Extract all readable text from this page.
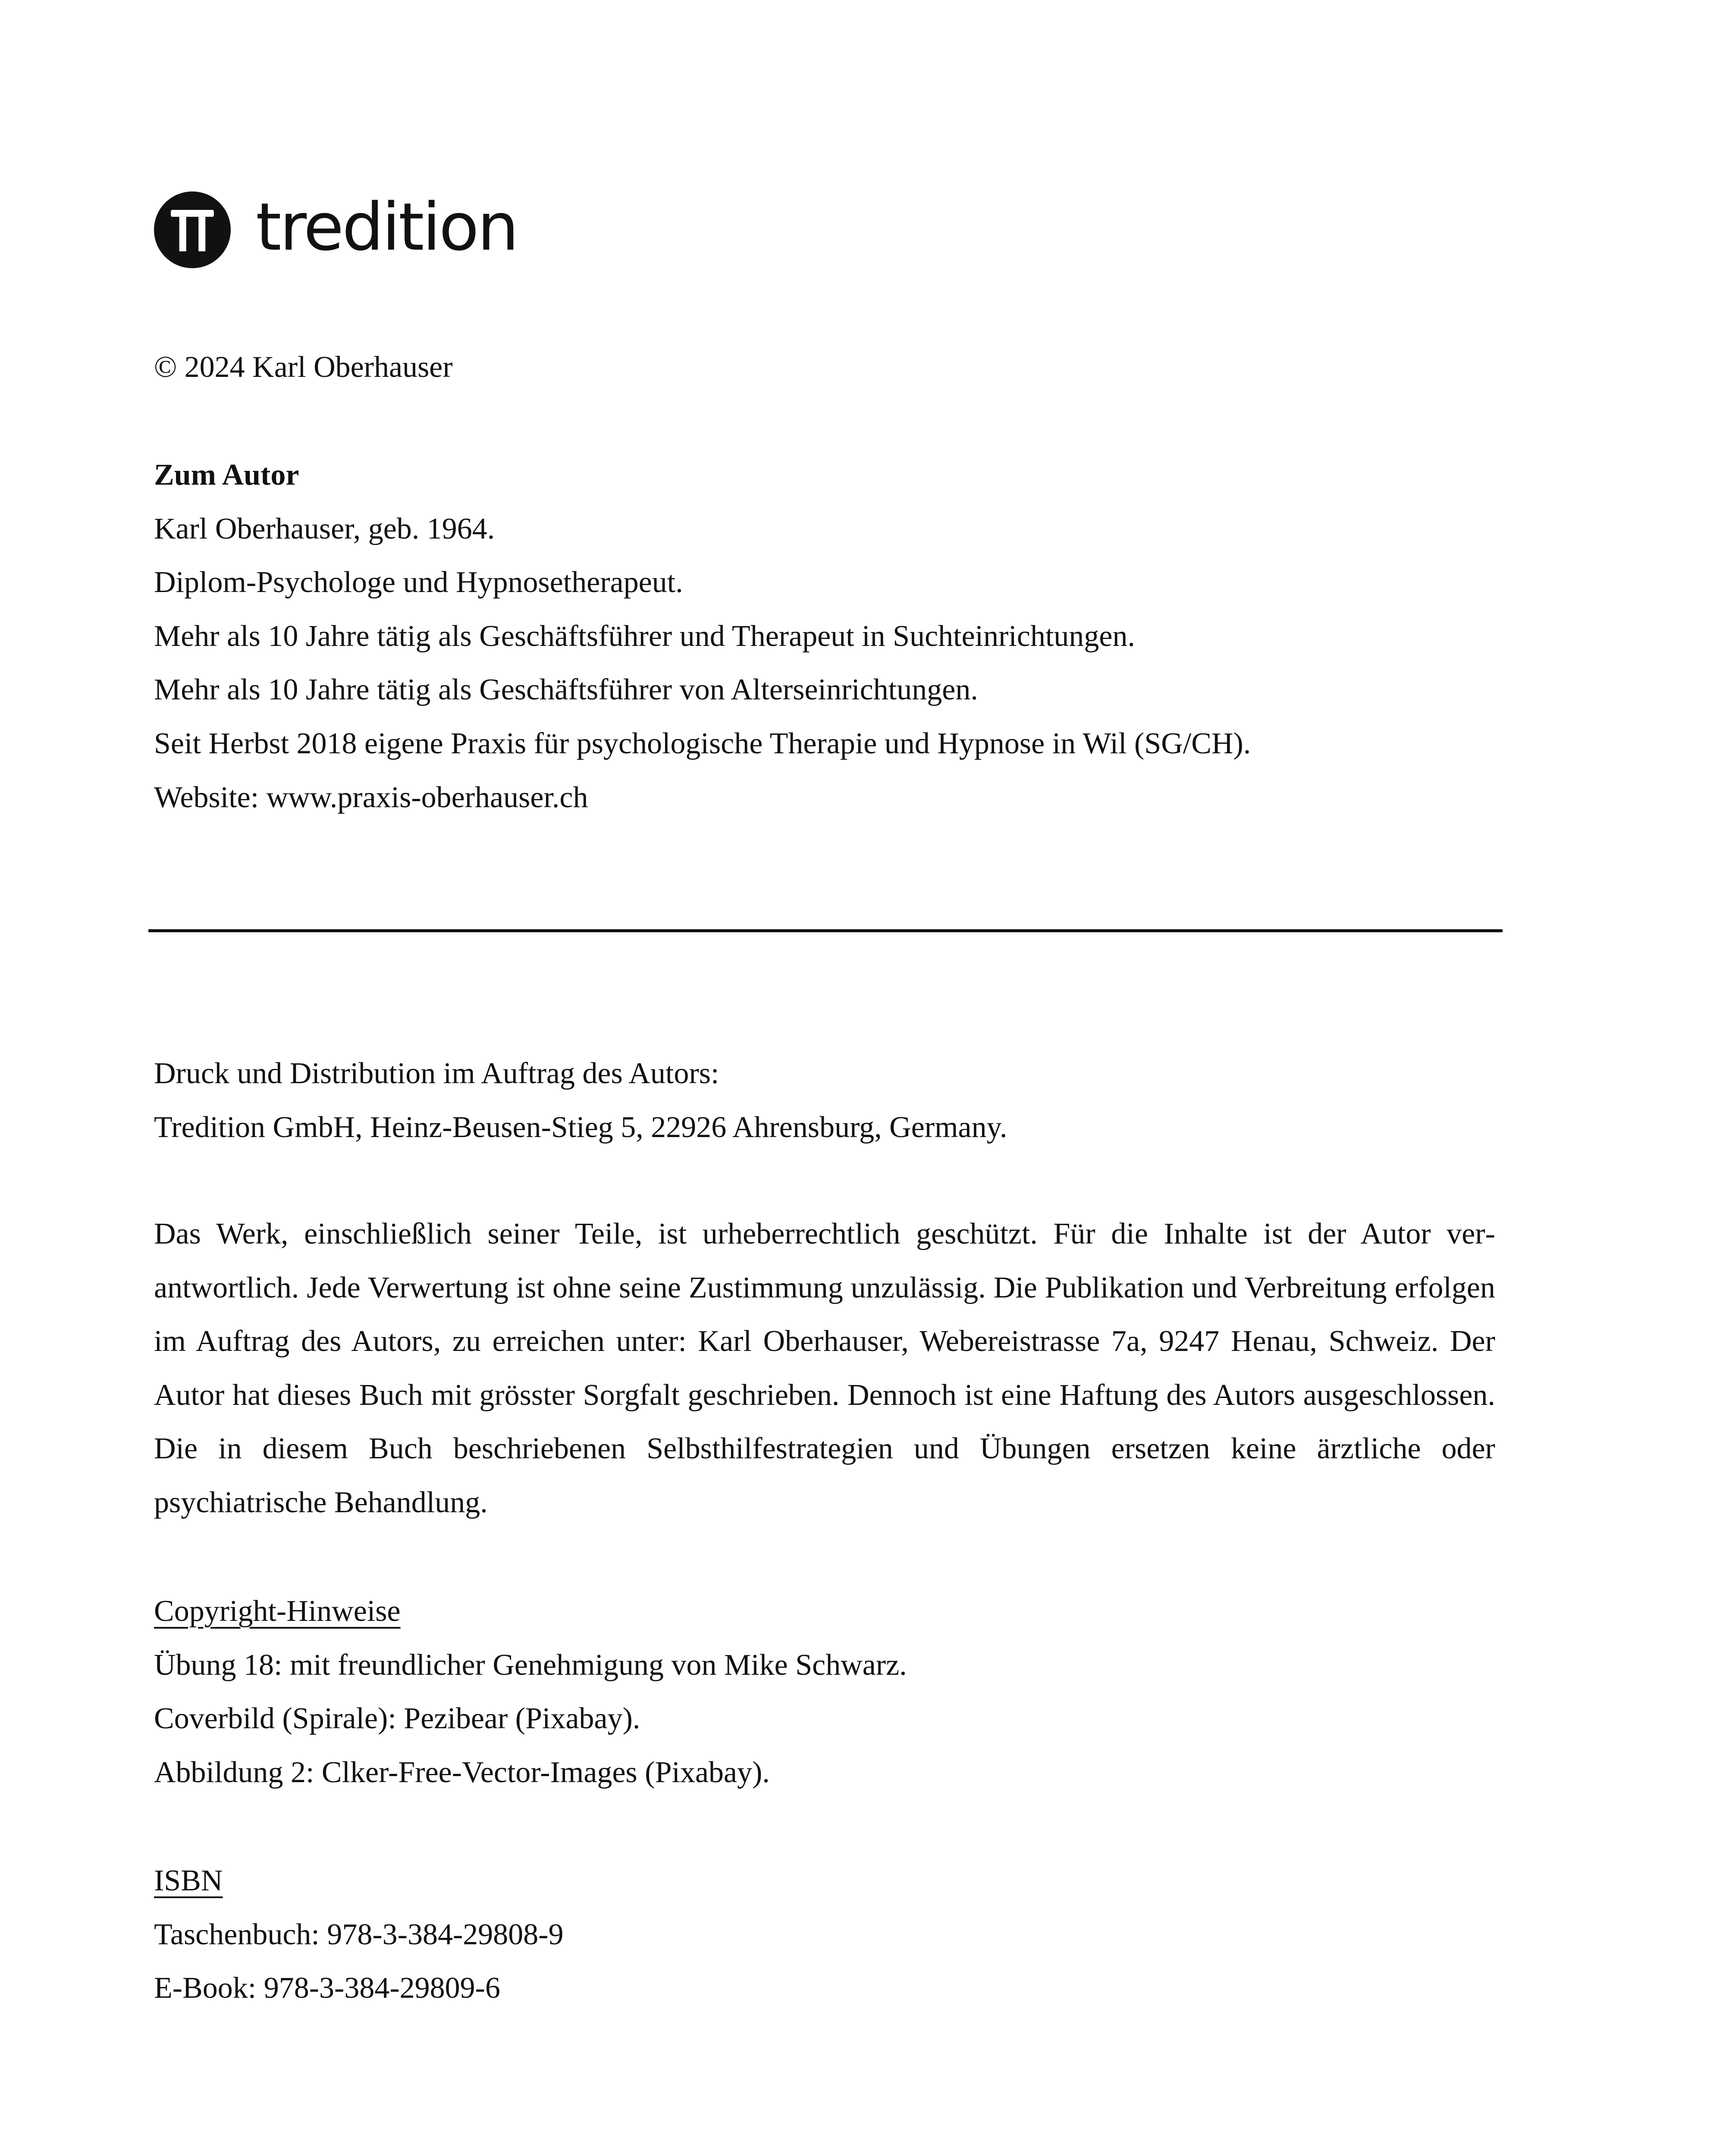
tredition
© 2024 Karl Oberhauser
Zum Autor
Karl Oberhauser, geb. 1964.
Diplom-Psychologe und Hypnosetherapeut.
Mehr als 10 Jahre tätig als Geschäftsführer und Therapeut in Suchteinrichtungen.
Mehr als 10 Jahre tätig als Geschäftsführer von Alterseinrichtungen.
Seit Herbst 2018 eigene Praxis für psychologische Therapie und Hypnose in Wil (SG/CH).
Website: www.praxis-oberhauser.ch
Druck und Distribution im Auftrag des Autors:
Tredition GmbH, Heinz-Beusen-Stieg 5, 22926 Ahrensburg, Germany.
Das Werk, einschließlich seiner Teile, ist urheberrechtlich geschützt. Für die Inhalte ist der Autor verantwortlich. Jede Verwertung ist ohne seine Zustimmung unzulässig. Die Publikation und Verbreitung erfolgen im Auftrag des Autors, zu erreichen unter: Karl Oberhauser, Webereistrasse 7a, 9247 Henau, Schweiz. Der Autor hat dieses Buch mit grösster Sorgfalt geschrieben. Dennoch ist eine Haftung des Autors ausgeschlossen. Die in diesem Buch beschriebenen Selbsthilfestrategien und Übungen ersetzen keine ärztliche oder psychiatrische Behandlung.
Copyright-Hinweise
Übung 18: mit freundlicher Genehmigung von Mike Schwarz.
Coverbild (Spirale): Pezibear (Pixabay).
Abbildung 2: Clker-Free-Vector-Images (Pixabay).
ISBN
Taschenbuch: 978-3-384-29808-9
E-Book: 978-3-384-29809-6
